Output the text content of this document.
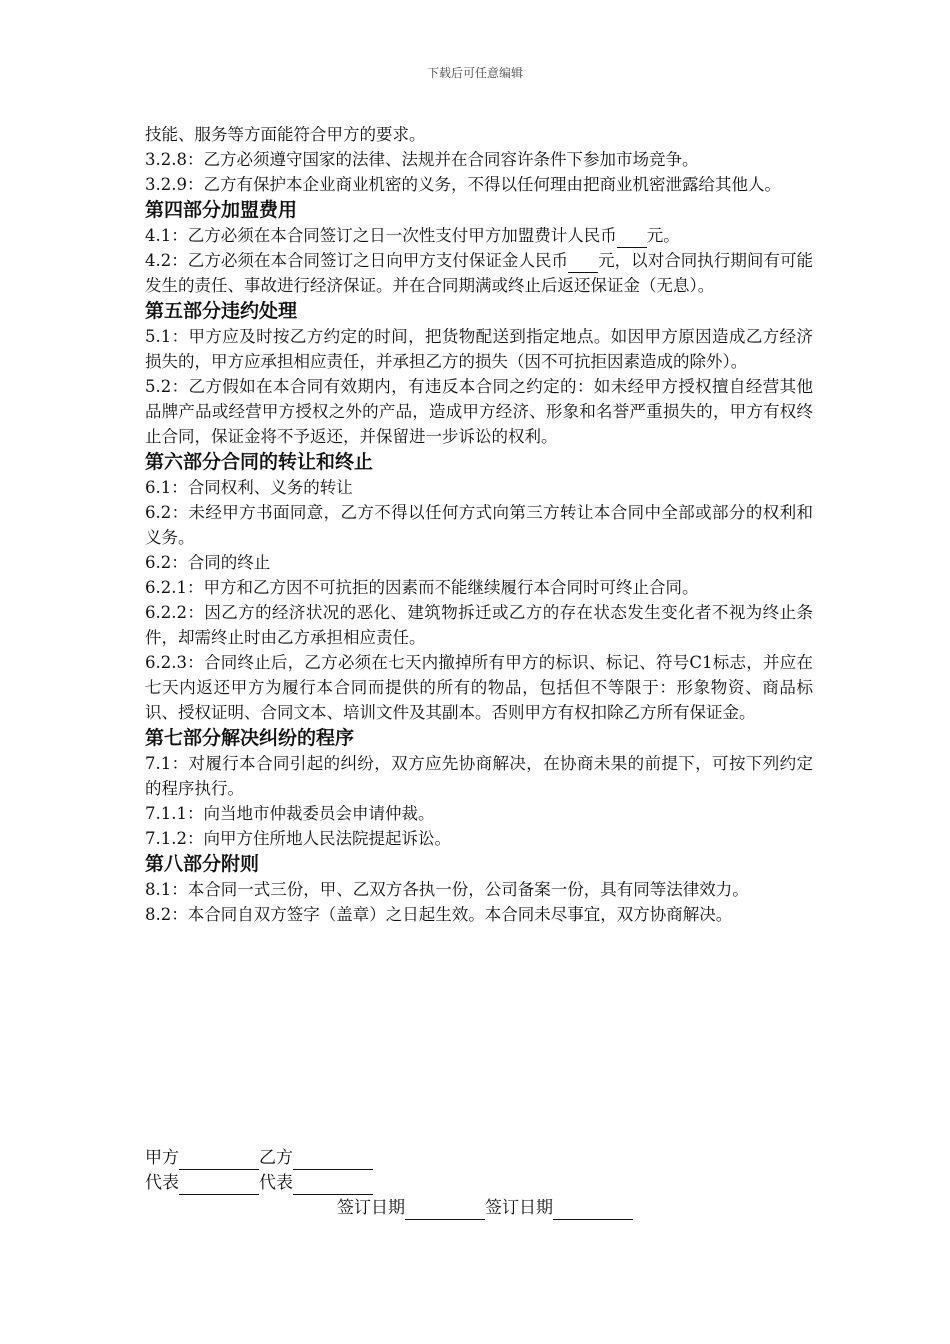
下载后可任意编辑

技能、服务等方面能符合甲方的要求。

3.2.8：乙方必须遵守国家的法律、法规并在合同容许条件下参加市场竞争。

3.2.9：乙方有保护本企业商业机密的义务，不得以任何理由把商业机密泄露给其他人。

第四部分加盟费用

4.1：乙方必须在本合同签订之日一次性支付甲方加盟费计人民币 元。

4.2：乙方必须在本合同签订之日向甲方支付保证金人民币 元，以对合同执行期间有可能发生的责任、事故进行经济保证。并在合同期满或终止后返还保证金（无息）。

第五部分违约处理

5.1：甲方应及时按乙方约定的时间，把货物配送到指定地点。如因甲方原因造成乙方经济损失的，甲方应承担相应责任，并承担乙方的损失（因不可抗拒因素造成的除外）。

5.2：乙方假如在本合同有效期内，有违反本合同之约定的：如未经甲方授权擅自经营其他品牌产品或经营甲方授权之外的产品，造成甲方经济、形象和名誉严重损失的，甲方有权终止合同，保证金将不予返还，并保留进一步诉讼的权利。

第六部分合同的转让和终止

6.1：合同权利、义务的转让

6.2：未经甲方书面同意，乙方不得以任何方式向第三方转让本合同中全部或部分的权利和义务。

6.2：合同的终止

6.2.1：甲方和乙方因不可抗拒的因素而不能继续履行本合同时可终止合同。

6.2.2：因乙方的经济状况的恶化、建筑物拆迁或乙方的存在状态发生变化者不视为终止条件，却需终止时由乙方承担相应责任。

6.2.3：合同终止后，乙方必须在七天内撤掉所有甲方的标识、标记、符号C1标志，并应在七天内返还甲方为履行本合同而提供的所有的物品，包括但不等限于：形象物资、商品标识、授权证明、合同文本、培训文件及其副本。否则甲方有权扣除乙方所有保证金。

第七部分解决纠纷的程序

7.1：对履行本合同引起的纠纷，双方应先协商解决，在协商未果的前提下，可按下列约定的程序执行。

7.1.1：向当地市仲裁委员会申请仲裁。

7.1.2：向甲方住所地人民法院提起诉讼。

第八部分附则

8.1：本合同一式三份，甲、乙双方各执一份，公司备案一份，具有同等法律效力。

8.2：本合同自双方签字（盖章）之日起生效。本合同未尽事宜，双方协商解决。

甲方	乙方
代表	代表
签订日期	签订日期
